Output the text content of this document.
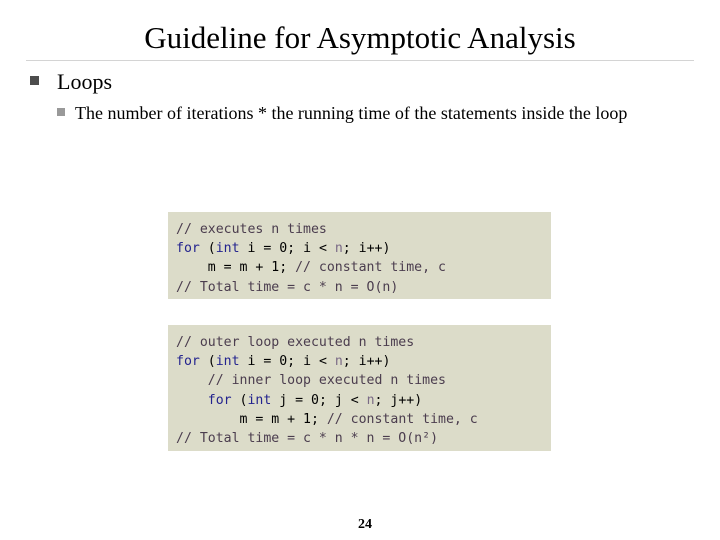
Guideline for Asymptotic Analysis
Loops
The number of iterations * the running time of the statements inside the loop
// executes n times
for (int i = 0; i < n; i++)
m = m + 1; // constant time, c
// Total time = c * n = O(n)
// outer loop executed n times
for (int i = 0; i < n; i++)
// inner loop executed n times
for (int j = 0; j < n; j++)
m = m + 1; // constant time, c
// Total time = c * n * n = O(n²)
24
